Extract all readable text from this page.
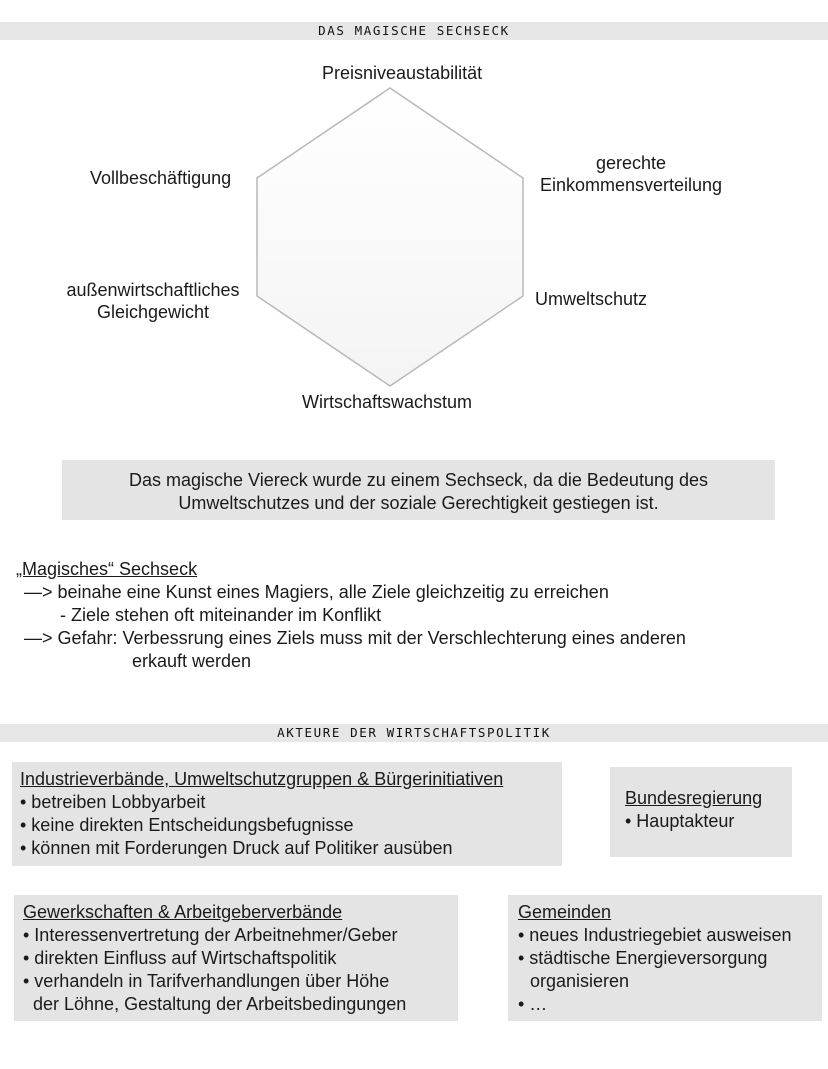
DAS MAGISCHE SECHSECK
Preisniveaustabilität
Vollbeschäftigung
gerechte
Einkommensverteilung
außenwirtschaftliches
Gleichgewicht
Umweltschutz
Wirtschaftswachstum
Das magische Viereck wurde zu einem Sechseck, da die Bedeutung des
Umweltschutzes und der soziale Gerechtigkeit gestiegen ist.
„Magisches“ Sechseck
—> beinahe eine Kunst eines Magiers, alle Ziele gleichzeitig zu erreichen
- Ziele stehen oft miteinander im Konflikt
—> Gefahr: Verbessrung eines Ziels muss mit der Verschlechterung eines anderen
erkauft werden
AKTEURE DER WIRTSCHAFTSPOLITIK
Industrieverbände, Umweltschutzgruppen & Bürgerinitiativen
• betreiben Lobbyarbeit
• keine direkten Entscheidungsbefugnisse
• können mit Forderungen Druck auf Politiker ausüben
Bundesregierung
• Hauptakteur
Gewerkschaften & Arbeitgeberverbände
• Interessenvertretung der Arbeitnehmer/Geber
• direkten Einfluss auf Wirtschaftspolitik
• verhandeln in Tarifverhandlungen über Höhe
der Löhne, Gestaltung der Arbeitsbedingungen
Gemeinden
• neues Industriegebiet ausweisen
• städtische Energieversorgung
organisieren
• …
